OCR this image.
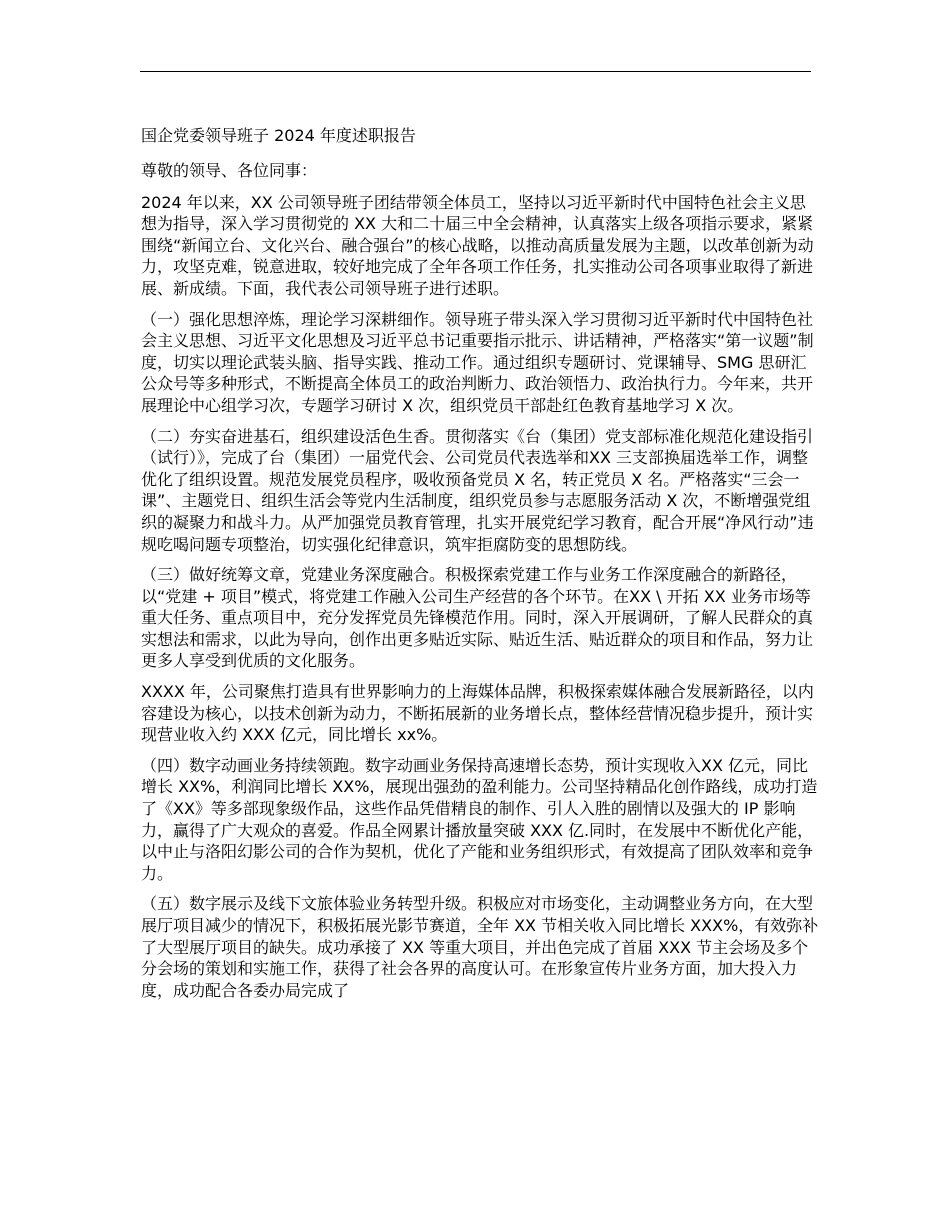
国企党委领导班子 2024 年度述职报告
尊敬的领导、各位同事：
2024 年以来，XX 公司领导班子团结带领全体员工，坚持以习近平新时代中国特色社会主义思想为指导，深入学习贯彻党的 XX 大和二十届三中全会精神，认真落实上级各项指示要求，紧紧围绕“新闻立台、文化兴台、融合强台”的核心战略，以推动高质量发展为主题，以改革创新为动力，攻坚克难，锐意进取，较好地完成了全年各项工作任务，扎实推动公司各项事业取得了新进展、新成绩。下面，我代表公司领导班子进行述职。
（一）强化思想淬炼，理论学习深耕细作。领导班子带头深入学习贯彻习近平新时代中国特色社会主义思想、习近平文化思想及习近平总书记重要指示批示、讲话精神，严格落实“第一议题”制度，切实以理论武装头脑、指导实践、推动工作。通过组织专题研讨、党课辅导、SMG 思研汇公众号等多种形式，不断提高全体员工的政治判断力、政治领悟力、政治执行力。今年来，共开展理论中心组学习次，专题学习研讨 X 次，组织党员干部赴红色教育基地学习 X 次。
（二）夯实奋进基石，组织建设活色生香。贯彻落实《台（集团）党支部标准化规范化建设指引（试行）》，完成了台（集团）一届党代会、公司党员代表选举和XX 三支部换届选举工作，调整优化了组织设置。规范发展党员程序，吸收预备党员 X 名，转正党员 X 名。严格落实“三会一课”、主题党日、组织生活会等党内生活制度，组织党员参与志愿服务活动 X 次，不断增强党组织的凝聚力和战斗力。从严加强党员教育管理，扎实开展党纪学习教育，配合开展“净风行动”违规吃喝问题专项整治，切实强化纪律意识，筑牢拒腐防变的思想防线。
（三）做好统筹文章，党建业务深度融合。积极探索党建工作与业务工作深度融合的新路径，以“党建 + 项目”模式，将党建工作融入公司生产经营的各个环节。在XX \ 开拓 XX 业务市场等重大任务、重点项目中，充分发挥党员先锋模范作用。同时，深入开展调研，了解人民群众的真实想法和需求，以此为导向，创作出更多贴近实际、贴近生活、贴近群众的项目和作品，努力让更多人享受到优质的文化服务。
XXXX 年，公司聚焦打造具有世界影响力的上海媒体品牌，积极探索媒体融合发展新路径，以内容建设为核心，以技术创新为动力，不断拓展新的业务增长点，整体经营情况稳步提升，预计实现营业收入约 XXX 亿元，同比增长 xx%。
（四）数字动画业务持续领跑。数字动画业务保持高速增长态势，预计实现收入XX 亿元，同比增长 XX%，利润同比增长 XX%，展现出强劲的盈利能力。公司坚持精品化创作路线，成功打造了《XX》等多部现象级作品，这些作品凭借精良的制作、引人入胜的剧情以及强大的 IP 影响力，赢得了广大观众的喜爱。作品全网累计播放量突破 XXX 亿.同时，在发展中不断优化产能，以中止与洛阳幻影公司的合作为契机，优化了产能和业务组织形式，有效提高了团队效率和竞争力。
（五）数字展示及线下文旅体验业务转型升级。积极应对市场变化，主动调整业务方向，在大型展厅项目减少的情况下，积极拓展光影节赛道，全年 XX 节相关收入同比增长 XXX%，有效弥补了大型展厅项目的缺失。成功承接了 XX 等重大项目，并出色完成了首届 XXX 节主会场及多个分会场的策划和实施工作，获得了社会各界的高度认可。在形象宣传片业务方面，加大投入力度，成功配合各委办局完成了
